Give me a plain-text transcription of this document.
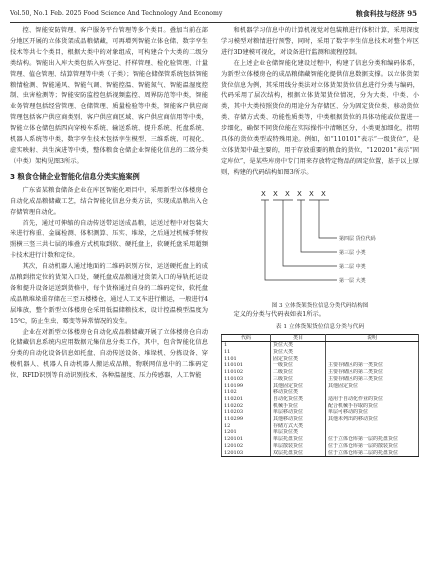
Vol.50, No.1 Feb. 2025 Food Science And Technology And Economy	粮食科技与经济 95

控、智能安防管理、客户服务平台管理等多个类目。叠加当前在部分地区开展的立体货架成品粮储藏，可再增列智能立体仓储、数字孪生技术等共七个类目，根据大类中的对象组成，可构建合个大类的二级分类结构。智能出入库大类包括入库登记、扦样管理、检化验管理、计量管理、值仓管理、结算管理等中类（子类）；智能仓储保管系统包括智能粮情检测、智能通风、智能气调、智能控温、智能氮气、智能温湿度控制、虫害检测等；智能安防监控包括视频监控、周界防范等中类，智能业务管理包括经营管理、仓储管理、质量检验等中类，智能客户供应商管理包括客户供应商类别、客户供应商区域、客户供应商信用等中类，智能立体仓储包括四向穿梭车系统、输送系统、提升系统、托盘系统、机器人系统等中类，数字孪生技术包括孪生模型、三维系统、可视化、虚实映射、共生演进等中类，整体粮食仓储企业智能化信息的二级分类（中类）架构见图3所示。

3 粮食仓储企业智能化信息分类实施案例

广东省某粮食储备企业在库区智能化项目中，采用新型立体楼房仓自动化成品粮储藏工艺，结合智能化信息分类方法，实现成品粮出入仓存储管理自动化。

首先，通过可伸缩的自动传送带运送成品粮，运送过程中对包装大米进行称重、金属检测、体积测算、压实、堆垛，之后通过机械手臂按照横三竖三共七层的堆叠方式机取到软、硬托盘上，软硬托盘采用超频卡技术进行计数和定位。

其次，自动机器人通过地面的二维码识别方位，运送硬托盘上的成品粮到指定位的货架入口处，硬托盘成品粮通过货架入口的导轨托运设备和提升设备运送到货格中，每个货格通过自身的二维码定位，软托盘成品粮堆垛重存储在三至五楼楼仓，通过人工叉车进行搬运，一般进行4层堆放，整个新型立体楼房仓采用低温储粮技术，设计控温模型温度为15℃，防止生虫、霉变等异常情况的发生。

企业在对新型立体楼房仓自动化成品粮储藏开展了立体楼房仓自动化储藏信息系统内应用数据元集信息分类工作，其中，包含智能化信息分类的自动化设备信息如托盘、自动传送设备、堆垛机、分拣设备、穿梭机器人、机器人自动机器人搬运成品粮，物联网信息中的二维码定位、RFID识别等自动识别技术、各种温湿度、压力传感器，人工智能

和机器学习信息中的计算机视觉对包装粮进行体积计算，采用深度学习模型对粮情进行预警，同时，采用了数字孪生信息技术对整个库区进行3D建模可视化，对设备进行监测和流程控制。

在上述企业仓储智能化建设过程中，构建了信息分类和编码体系，为新型立体楼房仓的成品粮储藏智能化提供信息数据支撑。以立体货架货位信息为例，其采用线分类法对立体货架货位信息进行分类与编码，代码采用了层次结构，根据立体货架货位情况，分为大类、中类、小类，其中大类按照货位的用途分为存储区、分为固定货位类、移动货位类、存储方式类、功能性质类等，中类根据货位的具体功能或位置进一步细化，确保不同货位能在实际操作中清晰区分，小类更加细化，指明具体的货位类型或特殊用途。例如，如“110101”表示“一级货位”，是立体货架中最主要的，用于存放重要的粮食的货位，“120201”表示“固定库位”，是某些库房中专门用来存放特定物品的固定位置，基于以上原则，构建的代码结构如图3所示。

X X X X X X
第四层 货位代码
第三层 小类
第二层 中类
第一层 大类
图 3 立体货架货位信息分类代码结构图

定义的分类与代码表如表1所示。

表 1 立体货架货位信息分类与代码
代码	类目	说明
1	货位大类	
11	货位大类	
1101	固定货位类	
110101	一级货位	主要存储区的第一类货位
110102	二级货位	主要存储区的第二类货位
110103	三级货位	主要存储区的第三类货位
110199	其他固定货位	其他固定货位
1102	移动货位类	
110201	自动化货位类	适用于自动化作业的货位
110202	机械手货位	配合机械手存取的货位
110203	单层移动货位	单层可移动的货位
110299	其他移动货位	其他未列出的移动货位
12	存储方式大类	
1201	单层货位类	
120101	单层托盘货位	位于立体仓库第一层的托盘货位
120102	单层散装货位	位于立体仓库第一层的散装货位
120103	双层托盘货位	位于立体仓库第二层的托盘货位
